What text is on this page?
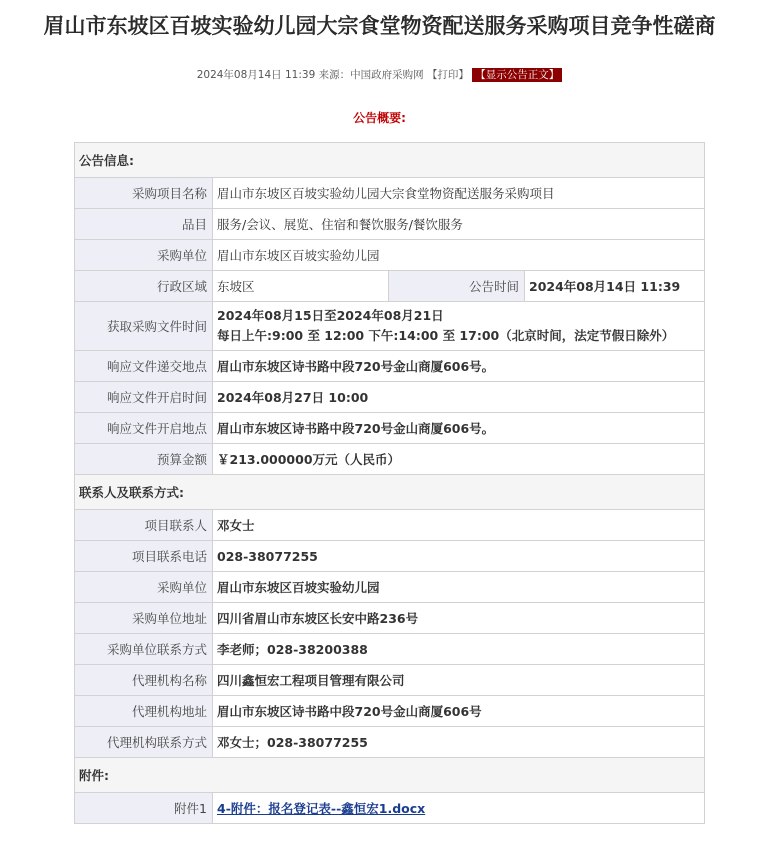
眉山市东坡区百坡实验幼儿园大宗食堂物资配送服务采购项目竞争性磋商
2024年08月14日 11:39 来源：中国政府采购网 【打印】 【显示公告正文】
公告概要:
公告信息:			
采购项目名称	眉山市东坡区百坡实验幼儿园大宗食堂物资配送服务采购项目		
品目	服务/会议、展览、住宿和餐饮服务/餐饮服务		
采购单位	眉山市东坡区百坡实验幼儿园		
行政区域	东坡区	公告时间	2024年08月14日 11:39
获取采购文件时间	2024年08月15日至2024年08月21日
每日上午:9:00 至 12:00 下午:14:00 至 17:00（北京时间，法定节假日除外）		

响应文件递交地点	眉山市东坡区诗书路中段720号金山商厦606号。		
响应文件开启时间	2024年08月27日 10:00		
响应文件开启地点	眉山市东坡区诗书路中段720号金山商厦606号。		
预算金额	￥213.000000万元（人民币）		
联系人及联系方式:			
项目联系人	邓女士		
项目联系电话	028-38077255		
采购单位	眉山市东坡区百坡实验幼儿园		
采购单位地址	四川省眉山市东坡区长安中路236号		
采购单位联系方式	李老师；028-38200388		
代理机构名称	四川鑫恒宏工程项目管理有限公司		
代理机构地址	眉山市东坡区诗书路中段720号金山商厦606号		
代理机构联系方式	邓女士；028-38077255		
附件:			
附件1	4-附件：报名登记表--鑫恒宏1.docx		
